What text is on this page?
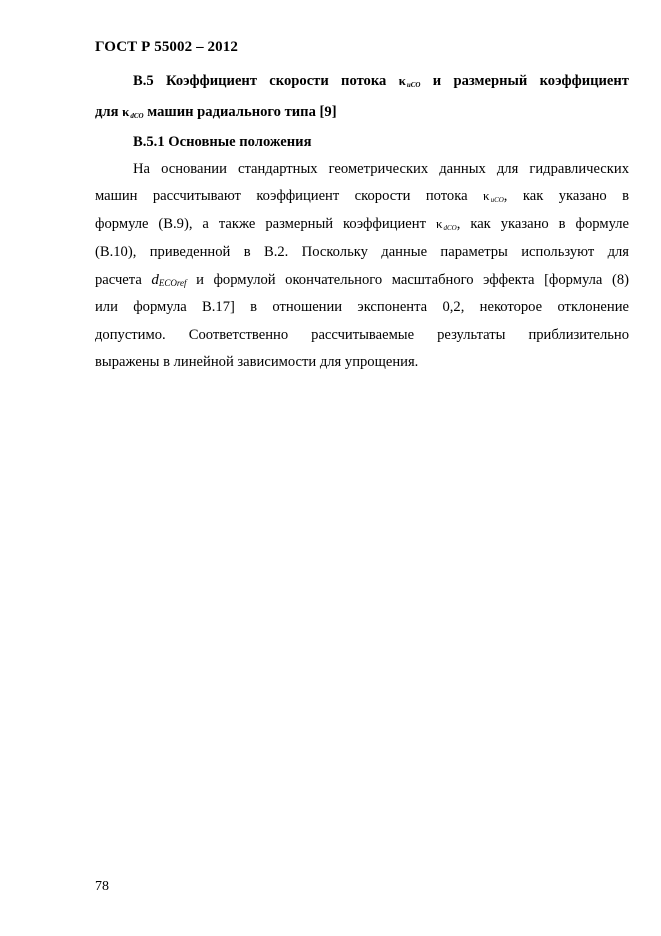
ГОСТ Р 55002 – 2012
В.5 Коэффициент скорости потока $\kappa_{uCO}$ и размерный коэффициент
для $\kappa_{dCO}$ машин радиального типа [9]
В.5.1 Основные положения
На основании стандартных геометрических данных для гидравлических
машин рассчитывают коэффициент скорости потока $\kappa_{uCO}$, как указано в
формуле (В.9), а также размерный коэффициент $\kappa_{dCO}$, как указано в формуле
(В.10), приведенной в В.2. Поскольку данные параметры используют для
расчета dECOref и формулой окончательного масштабного эффекта [формула (8)
или формула В.17] в отношении экспонента 0,2, некоторое отклонение
допустимо. Соответственно рассчитываемые результаты приблизительно
выражены в линейной зависимости для упрощения.
78
